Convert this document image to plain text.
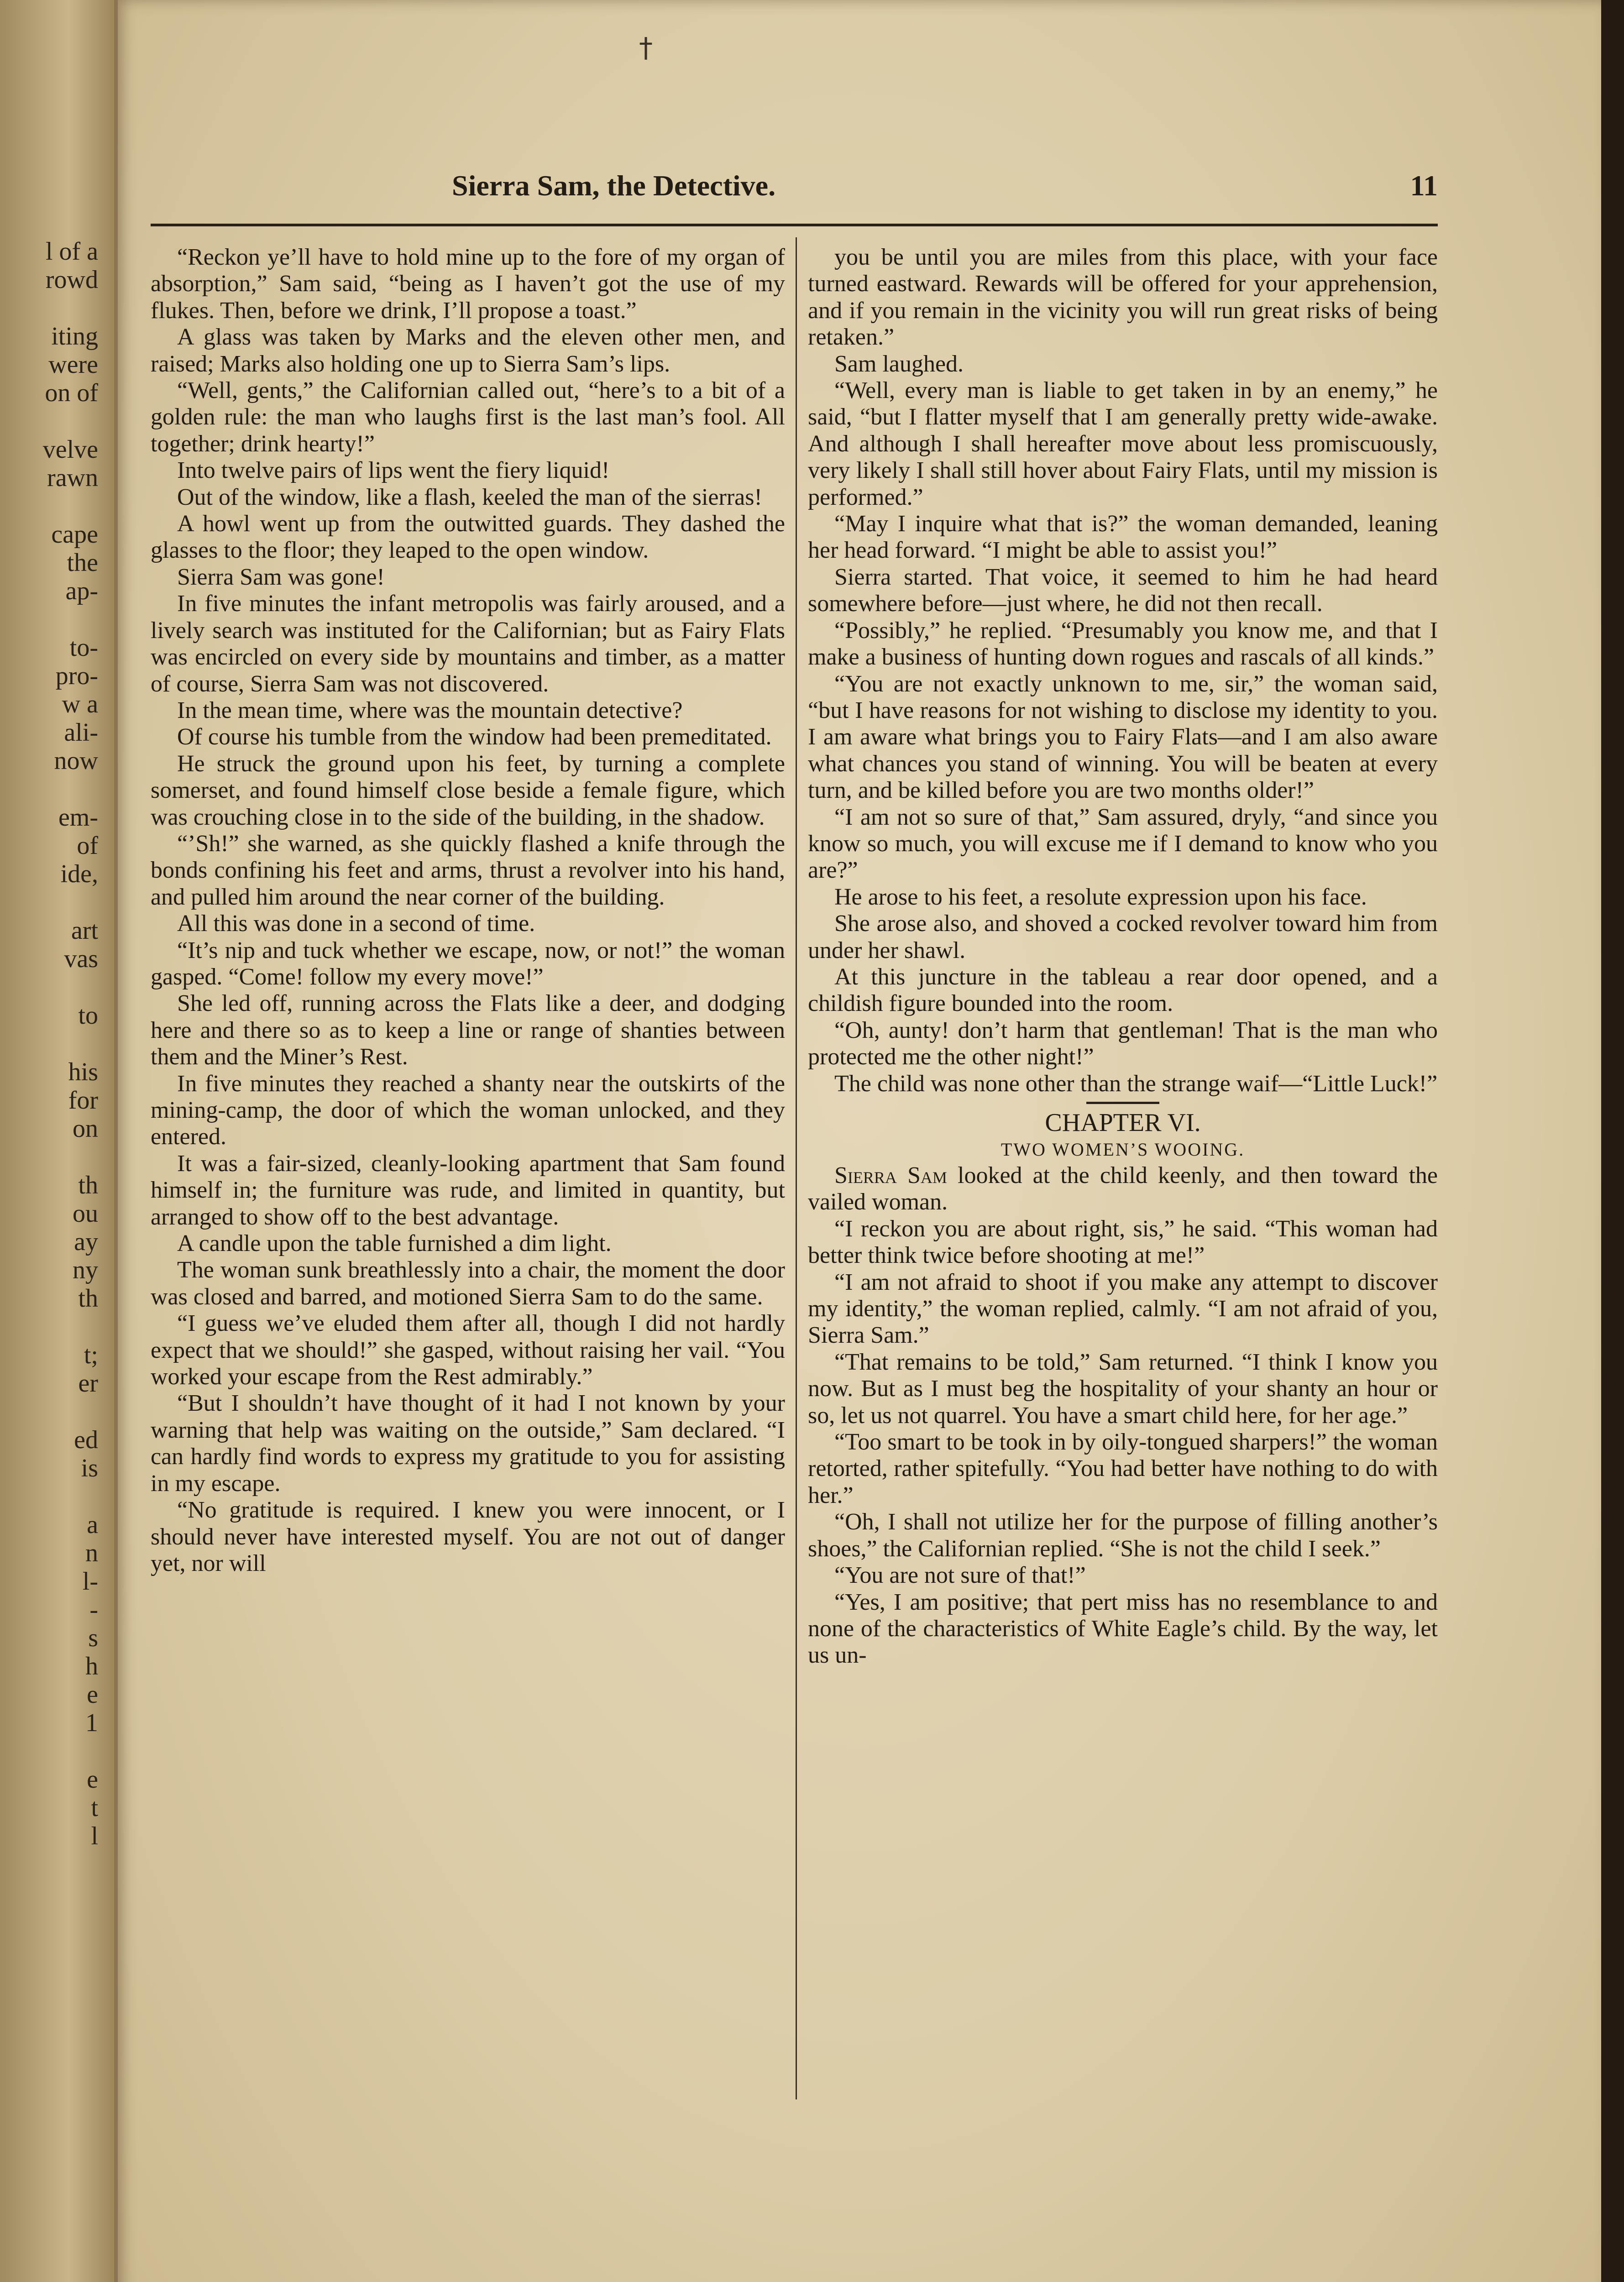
l of a
rowd

iting
were
on of

velve
rawn

cape
the
ap-

to-
pro-
w a
ali-
now

em-
of
ide,

art
vas

to

his
for
on

th
ou
ay
ny
th

t;
er

ed
is

a
n
l-
-
s
h
e
1

e
t
l
†
Sierra Sam, the Detective.	11

“Reckon ye’ll have to hold mine up to the fore of my organ of absorption,” Sam said, “being as I haven’t got the use of my flukes. Then, before we drink, I’ll propose a toast.”

A glass was taken by Marks and the eleven other men, and raised; Marks also holding one up to Sierra Sam’s lips.

“Well, gents,” the Californian called out, “here’s to a bit of a golden rule: the man who laughs first is the last man’s fool. All together; drink hearty!”

Into twelve pairs of lips went the fiery liquid!

Out of the window, like a flash, keeled the man of the sierras!

A howl went up from the outwitted guards. They dashed the glasses to the floor; they leaped to the open window.

Sierra Sam was gone!

In five minutes the infant metropolis was fairly aroused, and a lively search was instituted for the Californian; but as Fairy Flats was encircled on every side by mountains and timber, as a matter of course, Sierra Sam was not discovered.

In the mean time, where was the mountain detective?

Of course his tumble from the window had been premeditated.

He struck the ground upon his feet, by turning a complete somerset, and found himself close beside a female figure, which was crouching close in to the side of the building, in the shadow.

“’Sh!” she warned, as she quickly flashed a knife through the bonds confining his feet and arms, thrust a revolver into his hand, and pulled him around the near corner of the building.

All this was done in a second of time.

“It’s nip and tuck whether we escape, now, or not!” the woman gasped. “Come! follow my every move!”

She led off, running across the Flats like a deer, and dodging here and there so as to keep a line or range of shanties between them and the Miner’s Rest.

In five minutes they reached a shanty near the outskirts of the mining-camp, the door of which the woman unlocked, and they entered.

It was a fair-sized, cleanly-looking apartment that Sam found himself in; the furniture was rude, and limited in quantity, but arranged to show off to the best advantage.

A candle upon the table furnished a dim light.

The woman sunk breathlessly into a chair, the moment the door was closed and barred, and motioned Sierra Sam to do the same.

“I guess we’ve eluded them after all, though I did not hardly expect that we should!” she gasped, without raising her vail. “You worked your escape from the Rest admirably.”

“But I shouldn’t have thought of it had I not known by your warning that help was waiting on the outside,” Sam declared. “I can hardly find words to express my gratitude to you for assisting in my escape.

“No gratitude is required. I knew you were innocent, or I should never have interested myself. You are not out of danger yet, nor will

you be until you are miles from this place, with your face turned eastward. Rewards will be offered for your apprehension, and if you remain in the vicinity you will run great risks of being retaken.”

Sam laughed.

“Well, every man is liable to get taken in by an enemy,” he said, “but I flatter myself that I am generally pretty wide-awake. And although I shall hereafter move about less promiscuously, very likely I shall still hover about Fairy Flats, until my mission is performed.”

“May I inquire what that is?” the woman demanded, leaning her head forward. “I might be able to assist you!”

Sierra started. That voice, it seemed to him he had heard somewhere before—just where, he did not then recall.

“Possibly,” he replied. “Presumably you know me, and that I make a business of hunting down rogues and rascals of all kinds.”

“You are not exactly unknown to me, sir,” the woman said, “but I have reasons for not wishing to disclose my identity to you. I am aware what brings you to Fairy Flats—and I am also aware what chances you stand of winning. You will be beaten at every turn, and be killed before you are two months older!”

“I am not so sure of that,” Sam assured, dryly, “and since you know so much, you will excuse me if I demand to know who you are?”

He arose to his feet, a resolute expression upon his face.

She arose also, and shoved a cocked revolver toward him from under her shawl.

At this juncture in the tableau a rear door opened, and a childish figure bounded into the room.

“Oh, aunty! don’t harm that gentleman! That is the man who protected me the other night!”

The child was none other than the strange waif—“Little Luck!”

CHAPTER VI.
TWO WOMEN’S WOOING.

Sierra Sam looked at the child keenly, and then toward the vailed woman.

“I reckon you are about right, sis,” he said. “This woman had better think twice before shooting at me!”

“I am not afraid to shoot if you make any attempt to discover my identity,” the woman replied, calmly. “I am not afraid of you, Sierra Sam.”

“That remains to be told,” Sam returned. “I think I know you now. But as I must beg the hospitality of your shanty an hour or so, let us not quarrel. You have a smart child here, for her age.”

“Too smart to be took in by oily-tongued sharpers!” the woman retorted, rather spitefully. “You had better have nothing to do with her.”

“Oh, I shall not utilize her for the purpose of filling another’s shoes,” the Californian replied. “She is not the child I seek.”

“You are not sure of that!”

“Yes, I am positive; that pert miss has no resemblance to and none of the characteristics of White Eagle’s child. By the way, let us un-
